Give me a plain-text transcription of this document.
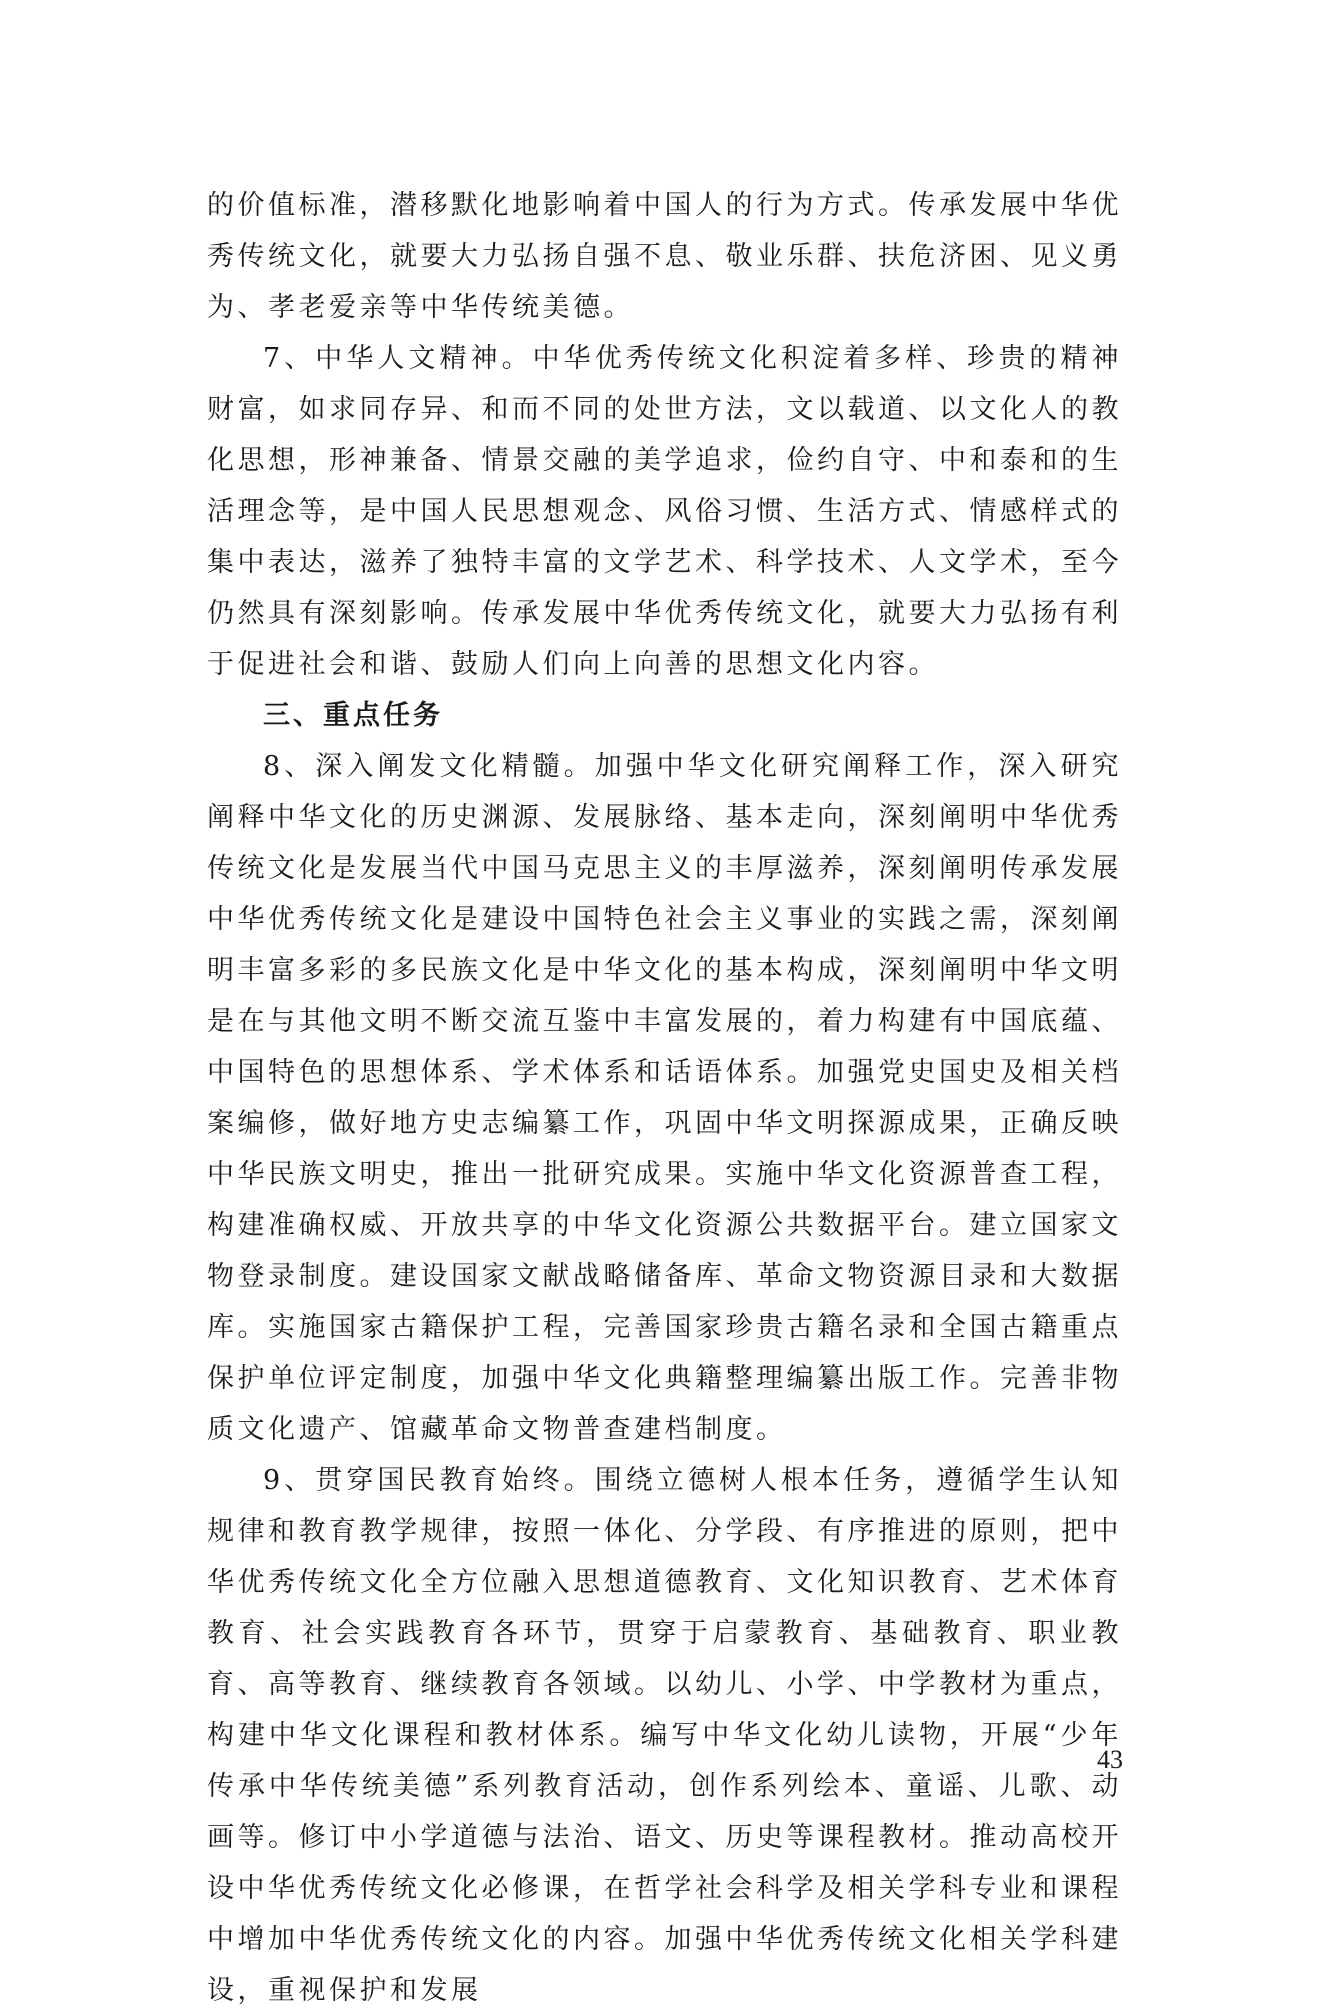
的价值标准，潜移默化地影响着中国人的行为方式。传承发展中华优秀传统文化，就要大力弘扬自强不息、敬业乐群、扶危济困、见义勇为、孝老爱亲等中华传统美德。

7、中华人文精神。中华优秀传统文化积淀着多样、珍贵的精神财富，如求同存异、和而不同的处世方法，文以载道、以文化人的教化思想，形神兼备、情景交融的美学追求，俭约自守、中和泰和的生活理念等，是中国人民思想观念、风俗习惯、生活方式、情感样式的集中表达，滋养了独特丰富的文学艺术、科学技术、人文学术，至今仍然具有深刻影响。传承发展中华优秀传统文化，就要大力弘扬有利于促进社会和谐、鼓励人们向上向善的思想文化内容。

三、重点任务

8、深入阐发文化精髓。加强中华文化研究阐释工作，深入研究阐释中华文化的历史渊源、发展脉络、基本走向，深刻阐明中华优秀传统文化是发展当代中国马克思主义的丰厚滋养，深刻阐明传承发展中华优秀传统文化是建设中国特色社会主义事业的实践之需，深刻阐明丰富多彩的多民族文化是中华文化的基本构成，深刻阐明中华文明是在与其他文明不断交流互鉴中丰富发展的，着力构建有中国底蕴、中国特色的思想体系、学术体系和话语体系。加强党史国史及相关档案编修，做好地方史志编纂工作，巩固中华文明探源成果，正确反映中华民族文明史，推出一批研究成果。实施中华文化资源普查工程，构建准确权威、开放共享的中华文化资源公共数据平台。建立国家文物登录制度。建设国家文献战略储备库、革命文物资源目录和大数据库。实施国家古籍保护工程，完善国家珍贵古籍名录和全国古籍重点保护单位评定制度，加强中华文化典籍整理编纂出版工作。完善非物质文化遗产、馆藏革命文物普查建档制度。

9、贯穿国民教育始终。围绕立德树人根本任务，遵循学生认知规律和教育教学规律，按照一体化、分学段、有序推进的原则，把中华优秀传统文化全方位融入思想道德教育、文化知识教育、艺术体育教育、社会实践教育各环节，贯穿于启蒙教育、基础教育、职业教育、高等教育、继续教育各领域。以幼儿、小学、中学教材为重点，构建中华文化课程和教材体系。编写中华文化幼儿读物，开展“少年传承中华传统美德”系列教育活动，创作系列绘本、童谣、儿歌、动画等。修订中小学道德与法治、语文、历史等课程教材。推动高校开设中华优秀传统文化必修课，在哲学社会科学及相关学科专业和课程中增加中华优秀传统文化的内容。加强中华优秀传统文化相关学科建设，重视保护和发展

43
